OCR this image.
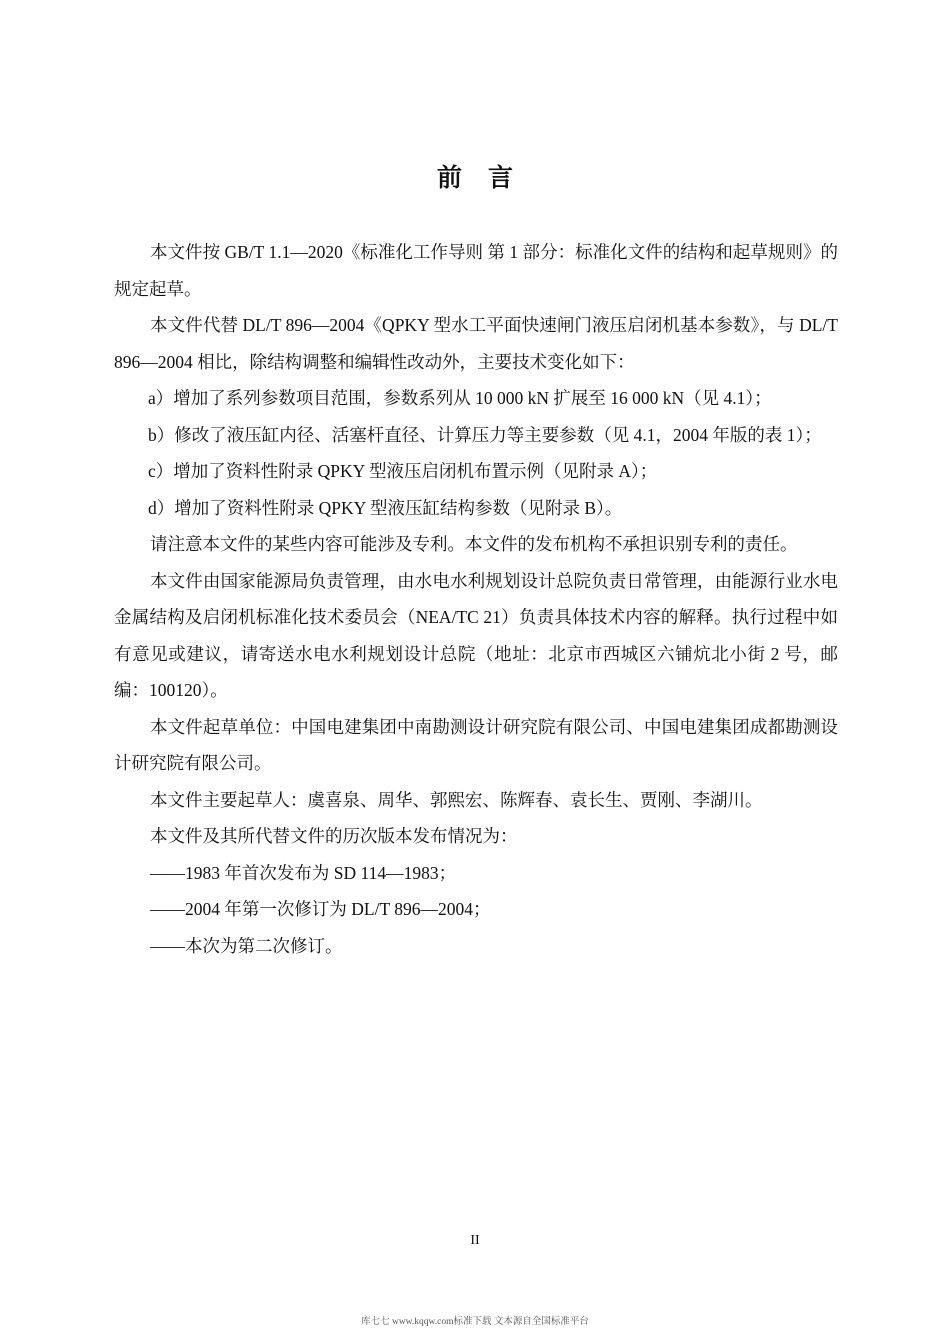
前言

本文件按 GB/T 1.1—2020《标准化工作导则 第 1 部分：标准化文件的结构和起草规则》的规定起草。

本文件代替 DL/T 896—2004《QPKY 型水工平面快速闸门液压启闭机基本参数》，与 DL/T 896—2004 相比，除结构调整和编辑性改动外，主要技术变化如下：

a）增加了系列参数项目范围，参数系列从 10 000 kN 扩展至 16 000 kN（见 4.1）；

b）修改了液压缸内径、活塞杆直径、计算压力等主要参数（见 4.1，2004 年版的表 1）；

c）增加了资料性附录 QPKY 型液压启闭机布置示例（见附录 A）；

d）增加了资料性附录 QPKY 型液压缸结构参数（见附录 B）。

请注意本文件的某些内容可能涉及专利。本文件的发布机构不承担识别专利的责任。

本文件由国家能源局负责管理，由水电水利规划设计总院负责日常管理，由能源行业水电金属结构及启闭机标准化技术委员会（NEA/TC 21）负责具体技术内容的解释。执行过程中如有意见或建议，请寄送水电水利规划设计总院（地址：北京市西城区六铺炕北小街 2 号，邮编：100120）。

本文件起草单位：中国电建集团中南勘测设计研究院有限公司、中国电建集团成都勘测设计研究院有限公司。

本文件主要起草人：虞喜泉、周华、郭熙宏、陈辉春、袁长生、贾刚、李湖川。

本文件及其所代替文件的历次版本发布情况为：

——1983 年首次发布为 SD 114—1983；

——2004 年第一次修订为 DL/T 896—2004；

——本次为第二次修订。

II
库七七 www.kqqw.com标准下载 文本源自全国标准平台
